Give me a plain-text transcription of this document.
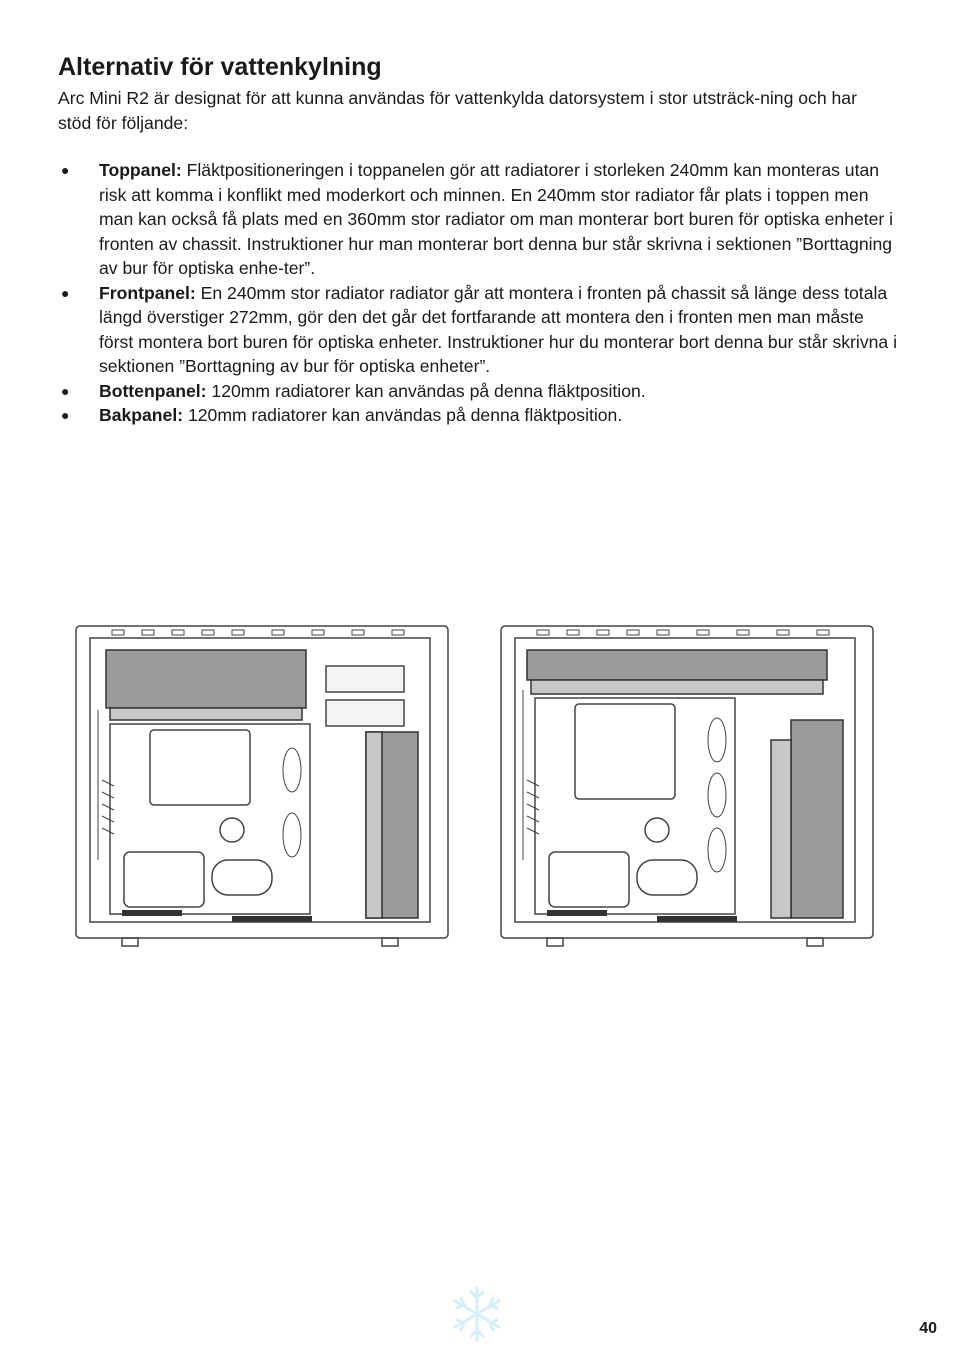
Alternativ för vattenkylning

Arc Mini R2 är designat för att kunna användas för vattenkylda datorsystem i stor utsträck-ning och har stöd för följande:

● Toppanel: Fläktpositioneringen i toppanelen gör att radiatorer i storleken 240mm kan monteras utan risk att komma i konflikt med moderkort och minnen. En 240mm stor radiator får plats i toppen men man kan också få plats med en 360mm stor radiator om man monterar bort buren för optiska enheter i fronten av chassit. Instruktioner hur man monterar bort denna bur står skrivna i sektionen ”Borttagning av bur för optiska enhe-ter”.
● Frontpanel: En 240mm stor radiator radiator går att montera i fronten på chassit så länge dess totala längd överstiger 272mm, gör den det går det fortfarande att montera den i fronten men man måste först montera bort buren för optiska enheter. Instruktioner hur du monterar bort denna bur står skrivna i sektionen ”Borttagning av bur för optiska enheter”.
● Bottenpanel: 120mm radiatorer kan användas på denna fläktposition.
● Bakpanel: 120mm radiatorer kan användas på denna fläktposition.
40
